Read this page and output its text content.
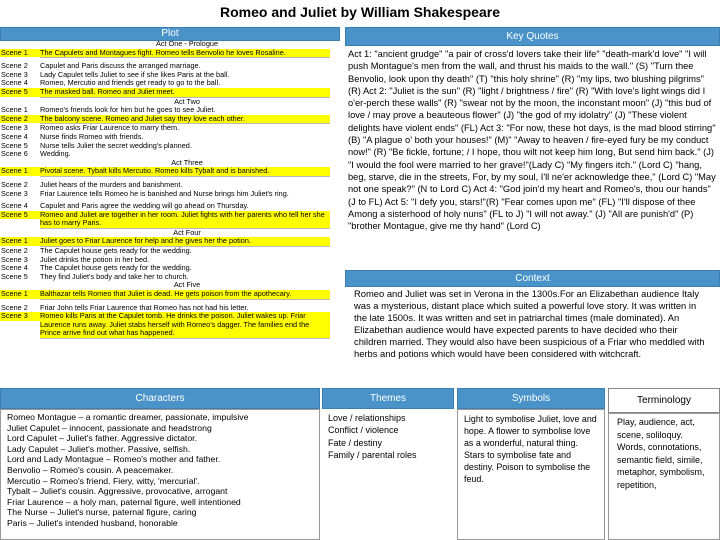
Romeo and Juliet by William Shakespeare
Plot
Act One - Prologue
Scene 1	The Capulets and Montagues fight. Romeo tells Benvolio he loves Rosaline.
Scene 2	Capulet and Paris discuss the arranged marriage.
Scene 3	Lady Capulet tells Juliet to see if she likes Paris at the ball.
Scene 4	Romeo, Mercutio and friends get ready to go to the ball.
Scene 5	The masked ball. Romeo and Juliet meet.
Act Two
Scene 1	Romeo's friends look for him but he goes to see Juliet.
Scene 2	The balcony scene. Romeo and Juliet say they love each other.
Scene 3	Romeo asks Friar Laurence to marry them.
Scene 4	Nurse finds Romeo with friends.
Scene 5	Nurse tells Juliet the secret wedding's planned.
Scene 6	Wedding.
Act Three
Scene 1	Pivotal scene. Tybalt kills Mercutio. Romeo kills Tybalt and is banished.
Scene 2	Juliet hears of the murders and banishment.
Scene 3	Friar Laurence tells Romeo he is banished and Nurse brings him Juliet's ring.
Scene 4	Capulet and Paris agree the wedding will go ahead on Thursday.
Scene 5	Romeo and Juliet are together in her room. Juliet fights with her parents who tell her she has to marry Paris.
Act Four
Scene 1	Juliet goes to Friar Laurence for help and he gives her the potion.
Scene 2	The Capulet house gets ready for the wedding.
Scene 3	Juliet drinks the potion in her bed.
Scene 4	The Capulet house gets ready for the wedding.
Scene 5	They find Juliet's body and take her to church.
Act Five
Scene 1	Balthazar tells Romeo that Juliet is dead. He gets poison from the apothecary.
Scene 2	Friar John tells Friar Laurence that Romeo has not had his letter.
Scene 3	Romeo kills Paris at the Capulet tomb. He drinks the poison. Juliet wakes up. Friar Laurence runs away. Juliet stabs herself with Romeo's dagger. The families end the Prince arrive find out what has happened.
Key Quotes
Act 1: "ancient grudge" "a pair of cross'd lovers take their life" "death-mark'd love" "I will push Montague's men from the wall, and thrust his maids to the wall." (S) "Turn thee Benvolio, look upon thy death" (T) "this holy shrine" (R) "my lips, two blushing pilgrims" (R) Act 2: "Juliet is the sun" (R) "light / brightness / fire" (R) "With love's light wings did I o'er-perch these walls" (R) "swear not by the moon, the inconstant moon" (J) "this bud of love / may prove a beauteous flower" (J) "the god of my idolatry" (J) "These violent delights have violent ends" (FL) Act 3: "For now, these hot days, is the mad blood stirring" (B) "A plague o' both your houses!" (M)" "Away to heaven / fire-eyed fury be my conduct now!" (R) "Be fickle, fortune; / I hope, thou wilt not keep him long, But send him back." (J) "I would the fool were married to her grave!"(Lady C) "My fingers itch." (Lord C) "hang, beg, starve, die in the streets, For, by my soul, I'll ne'er acknowledge thee," (Lord C) "May not one speak?" (N to Lord C) Act 4: "God join'd my heart and Romeo's, thou our hands" (J to FL) Act 5: "I defy you, stars!"(R) "Fear comes upon me" (FL) "I'll dispose of thee Among a sisterhood of holy nuns" (FL to J) "I will not away." (J) "All are punish'd" (P) "brother Montague, give me thy hand" (Lord C)
Context
Romeo and Juliet was set in Verona in the 1300s.For an Elizabethan audience Italy was a mysterious, distant place which suited a powerful love story. It was written in the late 1500s. It was written and set in patriarchal times (male dominated). An Elizabethan audience would have expected parents to have decided who their children married. They would also have been suspicious of a Friar who meddled with herbs and potions which would have been considered with witchcraft.
Characters

Romeo Montague – a romantic dreamer, passionate, impulsive

Juliet Capulet – innocent, passionate and headstrong

Lord Capulet – Juliet's father. Aggressive dictator.

Lady Capulet – Juliet's mother. Passive, selfish.

Lord and Lady Montague – Romeo's mother and father.

Benvolio – Romeo's cousin. A peacemaker.

Mercutio – Romeo's friend. Fiery, witty, 'mercurial'.

Tybalt – Juliet's cousin. Aggressive, provocative, arrogant

Friar Laurence – a holy man, paternal figure, well intentioned

The Nurse – Juliet's nurse, paternal figure, caring

Paris – Juliet's intended husband, honorable

Themes
Love / relationships
Conflict / violence
Fate / destiny
Family / parental roles
Symbols
Light to symbolise Juliet, love and hope. A flower to symbolise love as a wonderful, natural thing. Stars to symbolise fate and destiny. Poison to symbolise the feud.
Terminology
Play, audience, act, scene, soliloquy. Words, connotations, semantic field, simile, metaphor, symbolism, repetition,
